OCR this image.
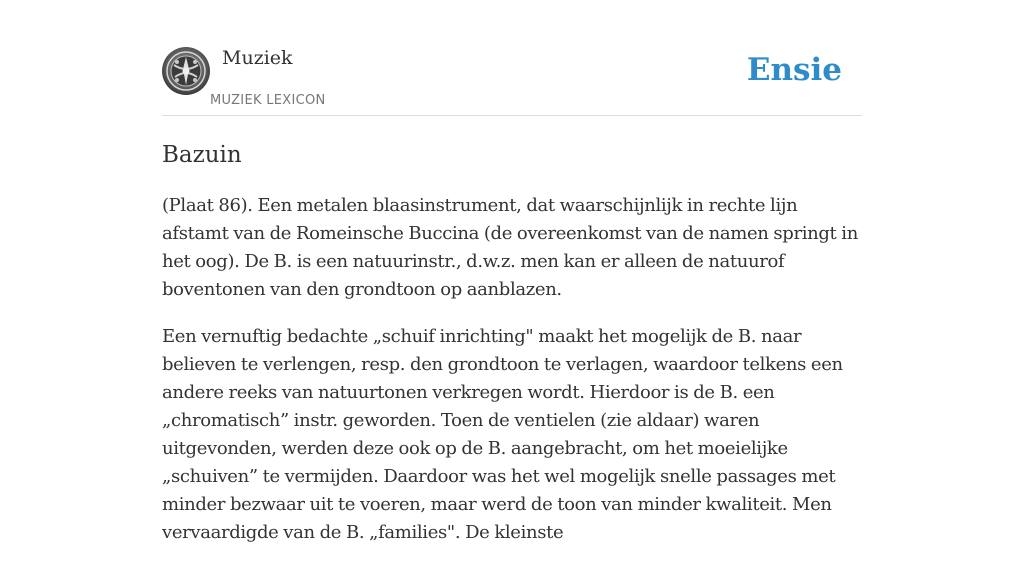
Muziek
MUZIEK LEXICON
Ensie
Bazuin

(Plaat 86). Een metalen blaasinstrument, dat waarschijnlijk in rechte lijn afstamt van de Romeinsche Buccina (de overeenkomst van de namen springt in het oog). De B. is een natuurinstr., d.w.z. men kan er alleen de natuurof boventonen van den grondtoon op aanblazen.

Een vernuftig bedachte „schuif inrichting" maakt het mogelijk de B. naar believen te verlengen, resp. den grondtoon te verlagen, waardoor telkens een andere reeks van natuurtonen verkregen wordt. Hierdoor is de B. een „chromatisch” instr. geworden. Toen de ventielen (zie aldaar) waren uitgevonden, werden deze ook op de B. aangebracht, om het moeielijke „schuiven” te vermijden. Daardoor was het wel mogelijk snelle passages met minder bezwaar uit te voeren, maar werd de toon van minder kwaliteit. Men vervaardigde van de B. „families". De kleinste
